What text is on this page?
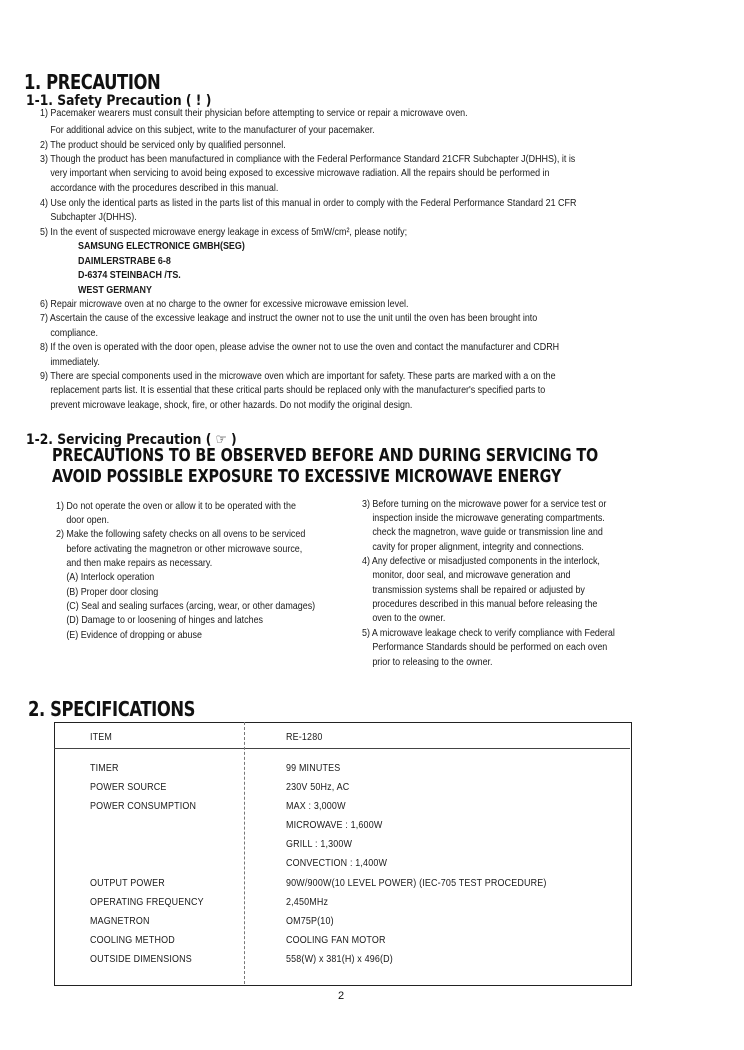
1. PRECAUTION
1-1. Safety Precaution ( ! )
1) Pacemaker wearers must consult their physician before attempting to service or repair a microwave oven.
For additional advice on this subject, write to the manufacturer of your pacemaker.
2) The product should be serviced only by qualified personnel.
3) Though the product has been manufactured in compliance with the Federal Performance Standard 21CFR Subchapter J(DHHS), it is
very important when servicing to avoid being exposed to excessive microwave radiation. All the repairs should be performed in
accordance with the procedures described in this manual.
4) Use only the identical parts as listed in the parts list of this manual in order to comply with the Federal Performance Standard 21 CFR
Subchapter J(DHHS).
5) In the event of suspected microwave energy leakage in excess of 5mW/cm², please notify;
SAMSUNG ELECTRONICE GMBH(SEG)
DAIMLERSTRABE 6-8
D-6374 STEINBACH /TS.
WEST GERMANY
6) Repair microwave oven at no charge to the owner for excessive microwave emission level.
7) Ascertain the cause of the excessive leakage and instruct the owner not to use the unit until the oven has been brought into
compliance.
8) If the oven is operated with the door open, please advise the owner not to use the oven and contact the manufacturer and CDRH
immediately.
9) There are special components used in the microwave oven which are important for safety. These parts are marked with a on the
replacement parts list. It is essential that these critical parts should be replaced only with the manufacturer's specified parts to
prevent microwave leakage, shock, fire, or other hazards. Do not modify the original design.
1-2. Servicing Precaution ( ☞ )
PRECAUTIONS TO BE OBSERVED BEFORE AND DURING SERVICING TO
AVOID POSSIBLE EXPOSURE TO EXCESSIVE MICROWAVE ENERGY
1) Do not operate the oven or allow it to be operated with the
door open.
2) Make the following safety checks on all ovens to be serviced
before activating the magnetron or other microwave source,
and then make repairs as necessary.
(A) Interlock operation
(B) Proper door closing
(C) Seal and sealing surfaces (arcing, wear, or other damages)
(D) Damage to or loosening of hinges and latches
(E) Evidence of dropping or abuse
3) Before turning on the microwave power for a service test or
inspection inside the microwave generating compartments.
check the magnetron, wave guide or transmission line and
cavity for proper alignment, integrity and connections.
4) Any defective or misadjusted components in the interlock,
monitor, door seal, and microwave generation and
transmission systems shall be repaired or adjusted by
procedures described in this manual before releasing the
oven to the owner.
5) A microwave leakage check to verify compliance with Federal
Performance Standards should be performed on each oven
prior to releasing to the owner.
2. SPECIFICATIONS
ITEM	RE-1280
TIMER	99 MINUTES
POWER SOURCE	230V 50Hz, AC
POWER CONSUMPTION	MAX : 3,000W
MICROWAVE : 1,600W
GRILL : 1,300W
CONVECTION : 1,400W
OUTPUT POWER	90W/900W(10 LEVEL POWER) (IEC-705 TEST PROCEDURE)
OPERATING FREQUENCY	2,450MHz
MAGNETRON	OM75P(10)
COOLING METHOD	COOLING FAN MOTOR
OUTSIDE DIMENSIONS	558(W) x 381(H) x 496(D)
2
